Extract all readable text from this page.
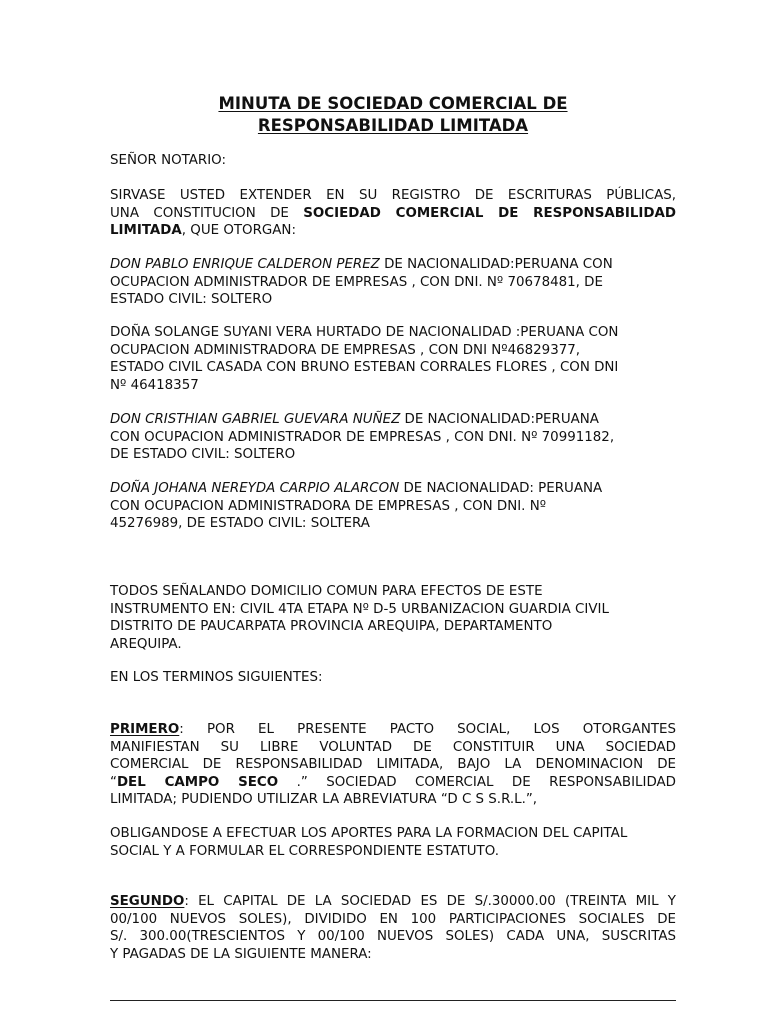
MINUTA DE SOCIEDAD COMERCIAL DE
RESPONSABILIDAD LIMITADA
SEÑOR NOTARIO:
SIRVASE USTED EXTENDER EN SU REGISTRO DE ESCRITURAS PÚBLICAS,
UNA CONSTITUCION DE SOCIEDAD COMERCIAL DE RESPONSABILIDAD
LIMITADA, QUE OTORGAN:
DON PABLO ENRIQUE CALDERON PEREZ DE NACIONALIDAD:PERUANA CON
OCUPACION ADMINISTRADOR DE EMPRESAS , CON DNI. Nº 70678481, DE
ESTADO CIVIL: SOLTERO
DOÑA SOLANGE SUYANI VERA HURTADO DE NACIONALIDAD :PERUANA CON
OCUPACION ADMINISTRADORA DE EMPRESAS , CON DNI Nº46829377,
ESTADO CIVIL CASADA CON BRUNO ESTEBAN CORRALES FLORES , CON DNI
Nº 46418357
DON CRISTHIAN GABRIEL GUEVARA NUÑEZ DE NACIONALIDAD:PERUANA
CON OCUPACION ADMINISTRADOR DE EMPRESAS , CON DNI. Nº 70991182,
DE ESTADO CIVIL: SOLTERO
DOÑA JOHANA NEREYDA CARPIO ALARCON DE NACIONALIDAD: PERUANA
CON OCUPACION ADMINISTRADORA DE EMPRESAS , CON DNI. Nº
45276989, DE ESTADO CIVIL: SOLTERA
TODOS SEÑALANDO DOMICILIO COMUN PARA EFECTOS DE ESTE
INSTRUMENTO EN: CIVIL 4TA ETAPA Nº D-5 URBANIZACION GUARDIA CIVIL
DISTRITO DE PAUCARPATA PROVINCIA AREQUIPA, DEPARTAMENTO
AREQUIPA.
EN LOS TERMINOS SIGUIENTES:
PRIMERO: POR EL PRESENTE PACTO SOCIAL, LOS OTORGANTES
MANIFIESTAN SU LIBRE VOLUNTAD DE CONSTITUIR UNA SOCIEDAD
COMERCIAL DE RESPONSABILIDAD LIMITADA, BAJO LA DENOMINACION DE
“DEL CAMPO SECO .” SOCIEDAD COMERCIAL DE RESPONSABILIDAD
LIMITADA; PUDIENDO UTILIZAR LA ABREVIATURA “D C S S.R.L.”,
OBLIGANDOSE A EFECTUAR LOS APORTES PARA LA FORMACION DEL CAPITAL
SOCIAL Y A FORMULAR EL CORRESPONDIENTE ESTATUTO.
SEGUNDO: EL CAPITAL DE LA SOCIEDAD ES DE S/.30000.00 (TREINTA MIL Y
00/100 NUEVOS SOLES), DIVIDIDO EN 100 PARTICIPACIONES SOCIALES DE
S/. 300.00(TRESCIENTOS Y 00/100 NUEVOS SOLES) CADA UNA, SUSCRITAS
Y PAGADAS DE LA SIGUIENTE MANERA:
